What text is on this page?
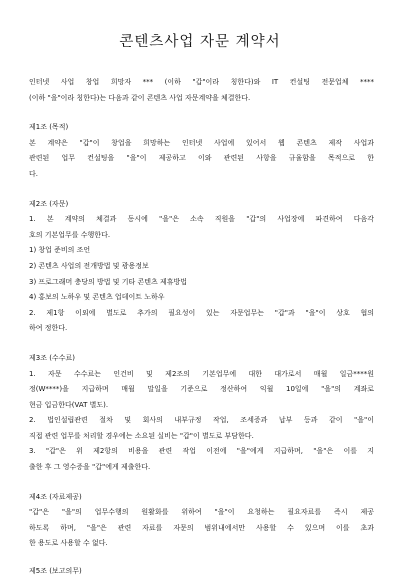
콘텐츠사업 자문 계약서
인터넷 사업 창업 희망자 *** (이하 "갑"이라 칭한다)와 IT 컨설팅 전문업체 ****
(이하 "을"이라 칭한다)는 다음과 같이 콘텐츠 사업 자문계약을 체결한다.
제1조 (목적)
본 계약은 "갑"이 창업을 희망하는 인터넷 사업에 있어서 웹 콘텐츠 제작 사업과
관련된 업무 컨설팅을 "을"이 제공하고 이와 관련된 사항을 규율함을 목적으로 한
다.
제2조 (자문)
1. 본 계약의 체결과 동시에 "을"은 소속 직원을 "갑"의 사업장에 파견하여 다음각
호의 기본업무를 수행한다.
1) 창업 준비의 조언
2) 콘텐츠 사업의 전개방법 및 광용정보
3) 프로그래머 충당의 방법 및 기타 콘텐츠 제휴방법
4) 홍보의 노하우 및 콘텐츠 업데이트 노하우
2. 제1항 이외에 별도로 추가의 필요성이 있는 자문업무는 "갑"과 "을"이 상호 협의
하여 정한다.
제3조 (수수료)
1. 자문 수수료는 인건비 및 제2조의 기본업무에 대한 대가로서 매월 일금****원
정(W****)을 지급하며 매월 말일을 기준으로 정산하여 익월 10일에 "을"의 계좌로
현금 입금한다(VAT 별도).
2. 법인설립관련 절차 및 회사의 내부규정 작업, 조세증과 납부 등과 같이 "을"이
직접 관련 업무를 처리할 경우에는 소요된 실비는 "갑"이 별도로 부담한다.
3. "갑"은 위 제2항의 비용을 관련 작업 이전에 "을"에게 지급하며, "을"은 이를 지
출한 후 그 영수증을 "갑"에게 제출한다.
제4조 (자료제공)
"갑"은 "을"의 업무수행의 원활화를 위하여 "을"이 요청하는 필요자료를 즉시 제공
하도록 하며, "을"은 관련 자료를 자문의 범위내에서만 사용할 수 있으며 이를 초과
한 용도로 사용할 수 없다.
제5조 (보고의무)
